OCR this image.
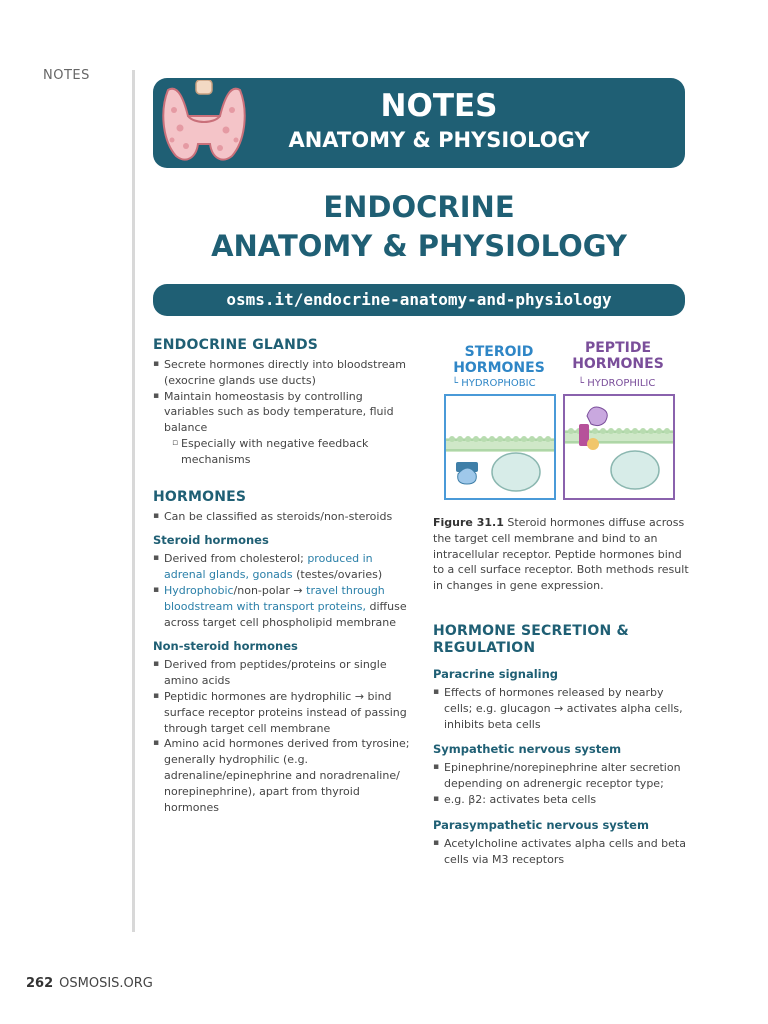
NOTES
NOTES
ANATOMY & PHYSIOLOGY
ENDOCRINE
ANATOMY & PHYSIOLOGY
osms.it/endocrine-anatomy-and-physiology
ENDOCRINE GLANDS
▪ Secrete hormones directly into bloodstream (exocrine glands use ducts)
▪ Maintain homeostasis by controlling variables such as body temperature, fluid balance
▫ Especially with negative feedback mechanisms
HORMONES
▪ Can be classified as steroids/non-steroids
Steroid hormones
▪ Derived from cholesterol; produced in adrenal glands, gonads (testes/ovaries)
▪ Hydrophobic/non-polar → travel through bloodstream with transport proteins, diffuse across target cell phospholipid membrane
Non-steroid hormones
▪ Derived from peptides/proteins or single amino acids
▪ Peptidic hormones are hydrophilic → bind surface receptor proteins instead of passing through target cell membrane
▪ Amino acid hormones derived from tyrosine; generally hydrophilic (e.g. adrenaline/epinephrine and noradrenaline/ norepinephrine), apart from thyroid hormones
STEROID
HORMONES
└ HYDROPHOBIC
PEPTIDE
HORMONES
└ HYDROPHILIC
Figure 31.1 Steroid hormones diffuse across the target cell membrane and bind to an intracellular receptor. Peptide hormones bind to a cell surface receptor. Both methods result in changes in gene expression.
HORMONE SECRETION &
REGULATION
Paracrine signaling
▪ Effects of hormones released by nearby cells; e.g. glucagon → activates alpha cells, inhibits beta cells
Sympathetic nervous system
▪ Epinephrine/norepinephrine alter secretion depending on adrenergic receptor type;
▪ e.g. β2: activates beta cells
Parasympathetic nervous system
▪ Acetylcholine activates alpha cells and beta cells via M3 receptors
262 OSMOSIS.ORG
